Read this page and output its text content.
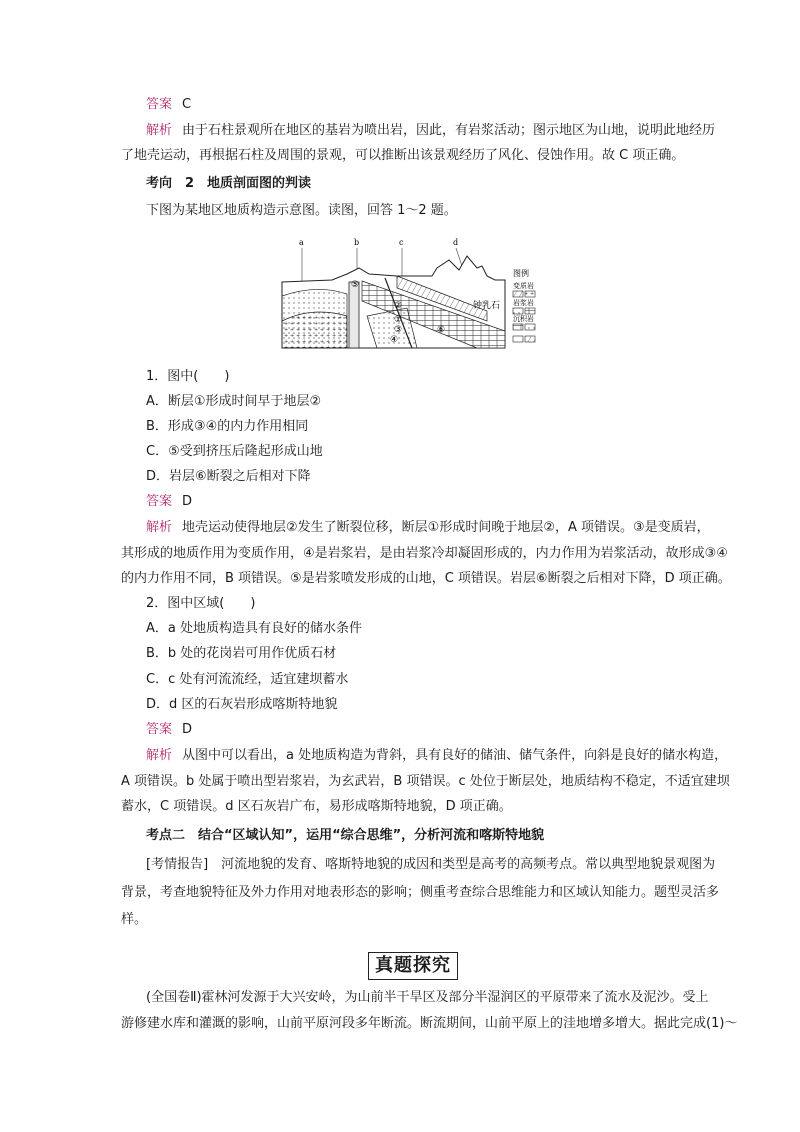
答案 C
解析 由于石柱景观所在地区的基岩为喷出岩，因此，有岩浆活动；图示地区为山地，说明此地经历
了地壳运动，再根据石柱及周围的景观，可以推断出该景观经历了风化、侵蚀作用。故 C 项正确。
考向　2　地质剖面图的判读
下图为某地区地质构造示意图。读图，回答 1～2 题。
a	b	c	d
图例
变质岩
岩浆岩
沉积岩
钟乳石
①
②
③
④
⑤
⑥
1．图中(　　)
A．断层①形成时间早于地层②
B．形成③④的内力作用相同
C．⑤受到挤压后隆起形成山地
D．岩层⑥断裂之后相对下降
答案 D
解析 地壳运动使得地层②发生了断裂位移，断层①形成时间晚于地层②，A 项错误。③是变质岩，
其形成的地质作用为变质作用，④是岩浆岩，是由岩浆冷却凝固形成的，内力作用为岩浆活动，故形成③④
的内力作用不同，B 项错误。⑤是岩浆喷发形成的山地，C 项错误。岩层⑥断裂之后相对下降，D 项正确。
2．图中区域(　　)
A．a 处地质构造具有良好的储水条件
B．b 处的花岗岩可用作优质石材
C．c 处有河流流经，适宜建坝蓄水
D．d 区的石灰岩形成喀斯特地貌
答案 D
解析 从图中可以看出，a 处地质构造为背斜，具有良好的储油、储气条件，向斜是良好的储水构造，
A 项错误。b 处属于喷出型岩浆岩，为玄武岩，B 项错误。c 处位于断层处，地质结构不稳定，不适宜建坝
蓄水，C 项错误。d 区石灰岩广布，易形成喀斯特地貌，D 项正确。
考点二　结合“区域认知”，运用“综合思维”，分析河流和喀斯特地貌
[考情报告]　河流地貌的发育、喀斯特地貌的成因和类型是高考的高频考点。常以典型地貌景观图为
背景，考查地貌特征及外力作用对地表形态的影响；侧重考查综合思维能力和区域认知能力。题型灵活多
样。
真题探究
(全国卷Ⅱ)霍林河发源于大兴安岭，为山前半干旱区及部分半湿润区的平原带来了流水及泥沙。受上
游修建水库和灌溉的影响，山前平原河段多年断流。断流期间，山前平原上的洼地增多增大。据此完成(1)～
